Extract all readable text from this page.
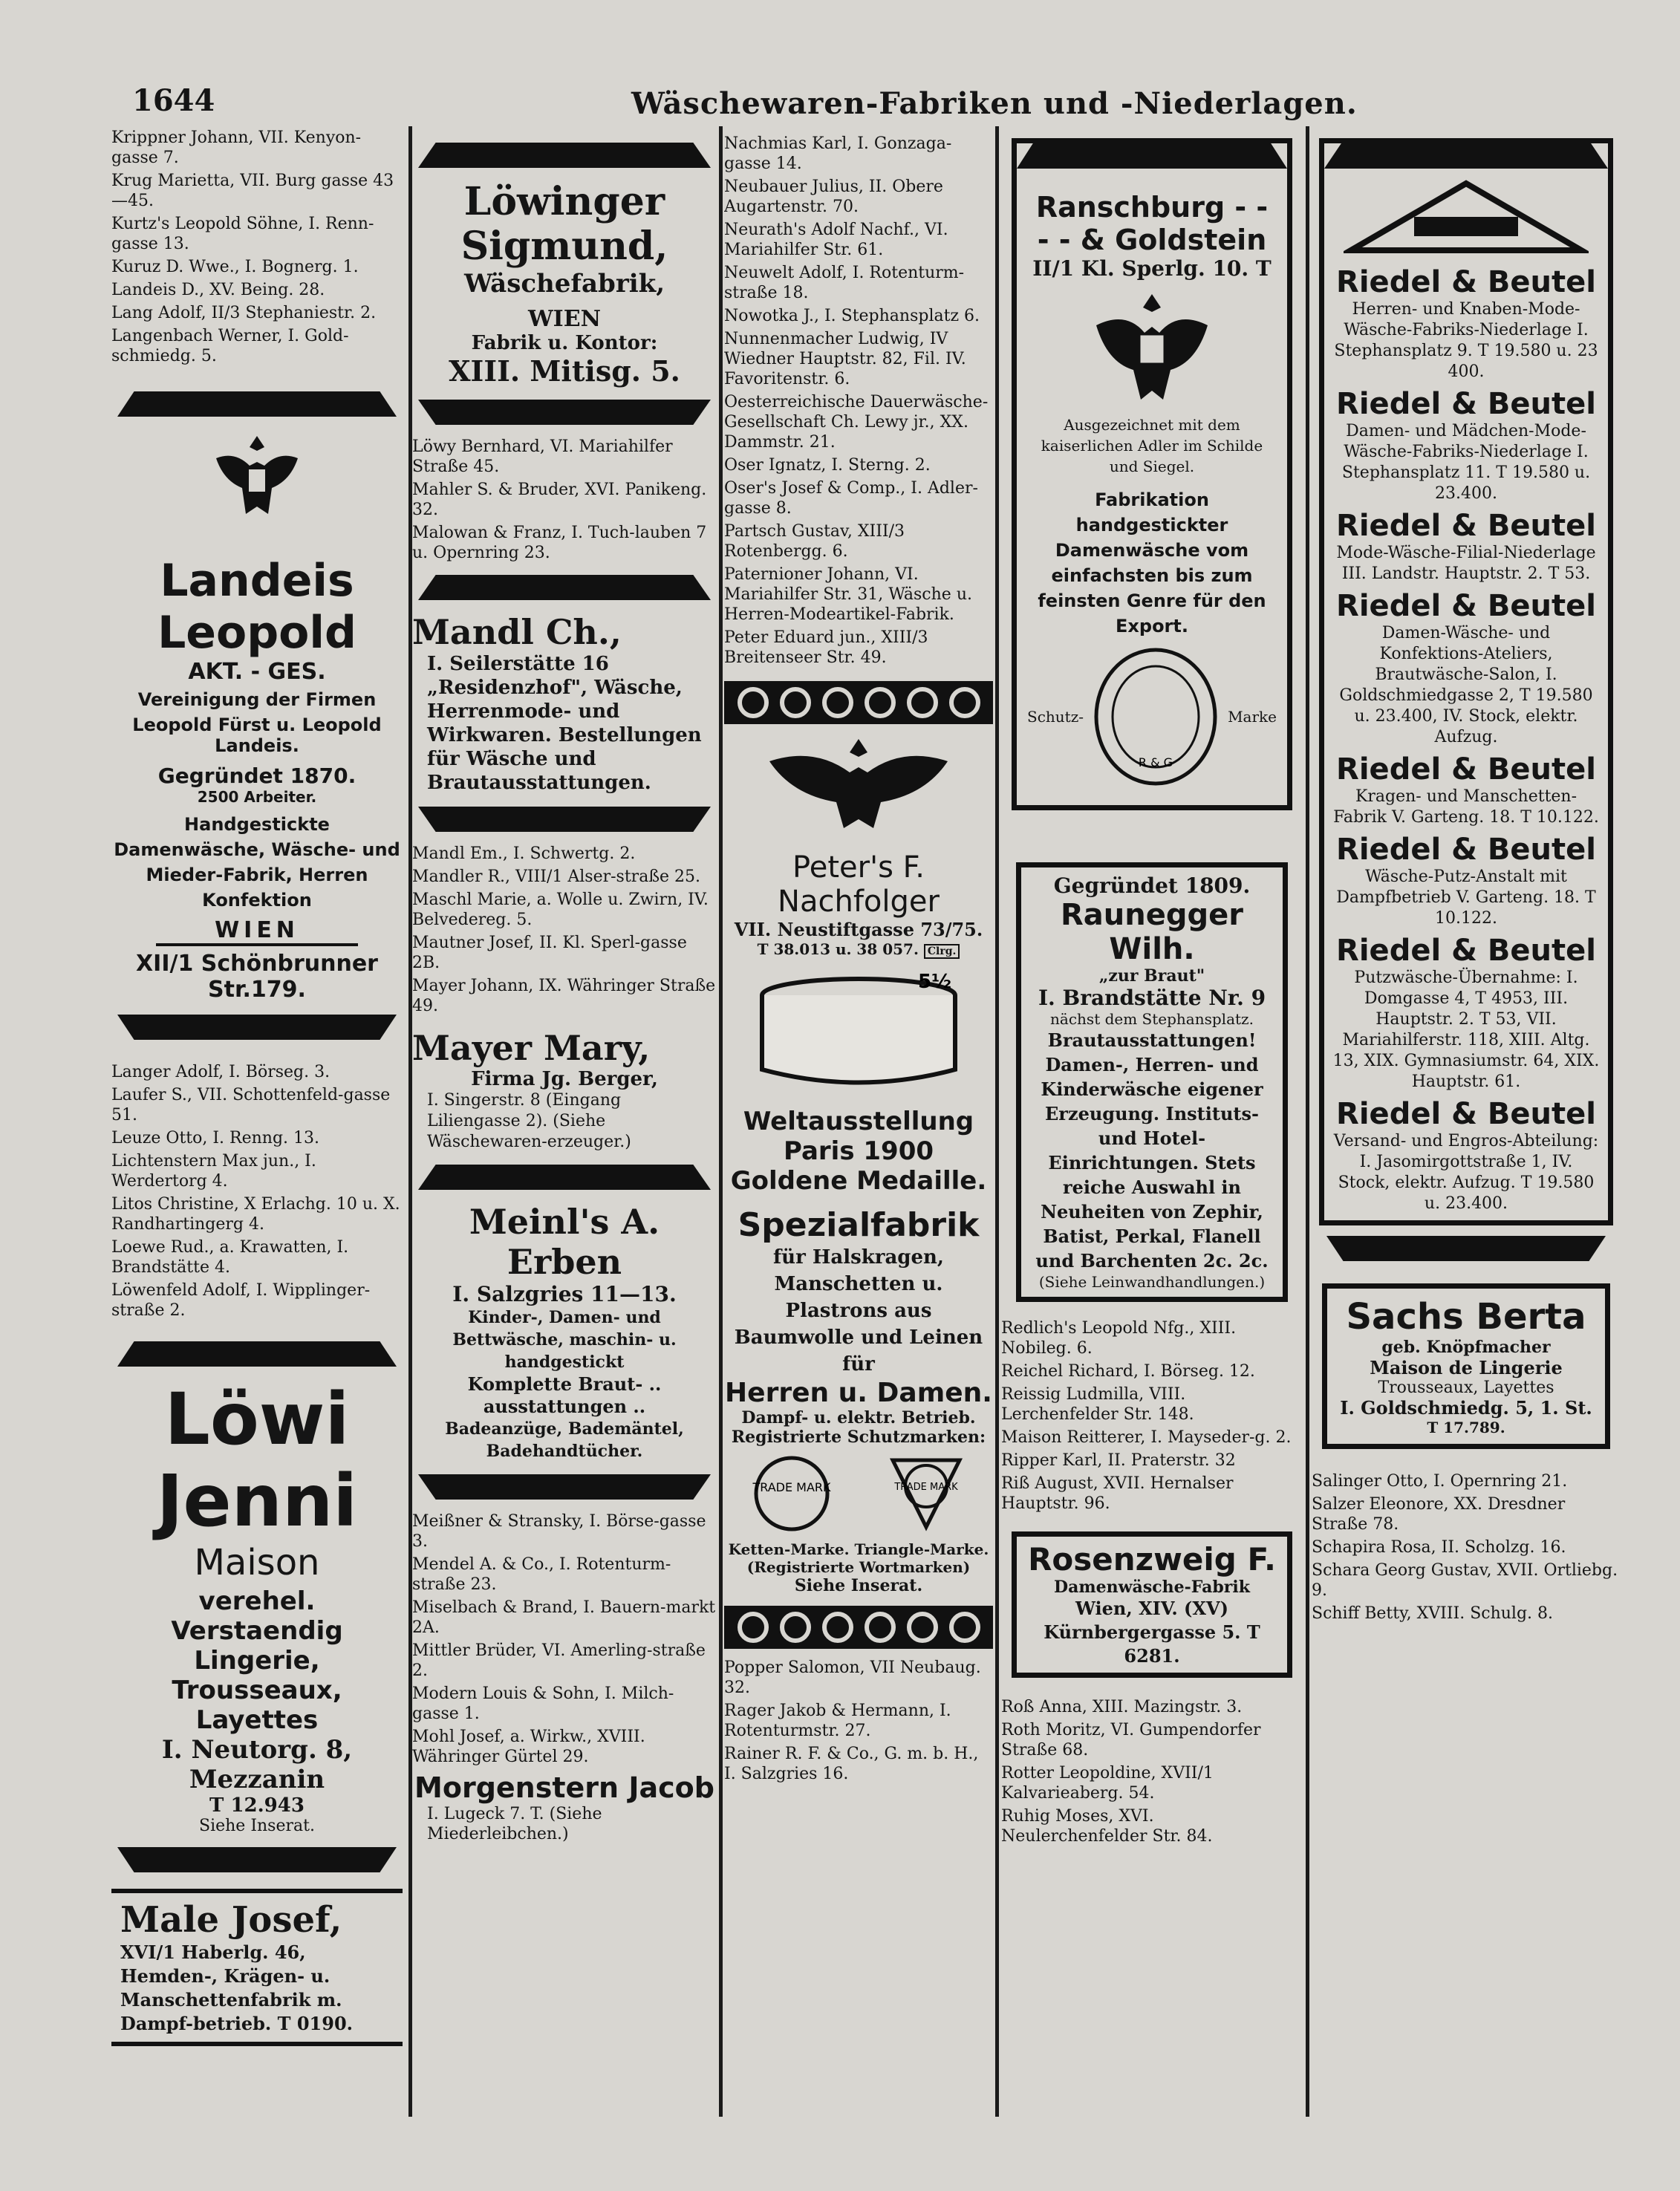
1644	Wäschewaren-Fabriken und -Niederlagen.
Krippner Johann, VII. Kenyon-gasse 7.
Krug Marietta, VII. Burg gasse 43—45.
Kurtz's Leopold Söhne, I. Renn-gasse 13.
Kuruz D. Wwe., I. Bognerg. 1.
Landeis D., XV. Being. 28.
Lang Adolf, II/3 Stephaniestr. 2.
Langenbach Werner, I. Gold-schmiedg. 5.
Landeis Leopold
AKT. - GES.
Vereinigung der Firmen
Leopold Fürst u. Leopold Landeis.
Gegründet 1870.
2500 Arbeiter.
Handgestickte Damenwäsche, Wäsche- und Mieder-Fabrik, Herren Konfektion
WIEN
XII/1 Schönbrunner Str.179.
Langer Adolf, I. Börseg. 3.
Laufer S., VII. Schottenfeld-gasse 51.
Leuze Otto, I. Renng. 13.
Lichtenstern Max jun., I. Werdertorg 4.
Litos Christine, X Erlachg. 10 u. X. Randhartingerg 4.
Loewe Rud., a. Krawatten, I. Brandstätte 4.
Löwenfeld Adolf, I. Wipplinger-straße 2.
Löwi Jenni
Maison
verehel. Verstaendig
Lingerie, Trousseaux,
Layettes
I. Neutorg. 8, Mezzanin
T 12.943
Siehe Inserat.
Male Josef,
XVI/1 Haberlg. 46, Hemden-, Krägen- u. Manschettenfabrik m. Dampf-betrieb. T 0190.
Löwinger
Sigmund,
Wäschefabrik,
WIEN
Fabrik u. Kontor:
XIII. Mitisg. 5.
Löwy Bernhard, VI. Mariahilfer Straße 45.
Mahler S. & Bruder, XVI. Panikeng. 32.
Malowan & Franz, I. Tuch-lauben 7 u. Opernring 23.
Mandl Ch.,
I. Seilerstätte 16 „Residenzhof", Wäsche, Herrenmode- und Wirkwaren. Bestellungen für Wäsche und Brautausstattungen.
Mandl Em., I. Schwertg. 2.
Mandler R., VIII/1 Alser-straße 25.
Maschl Marie, a. Wolle u. Zwirn, IV. Belvedereg. 5.
Mautner Josef, II. Kl. Sperl-gasse 2B.
Mayer Johann, IX. Währinger Straße 49.
Mayer Mary,
Firma Jg. Berger,
I. Singerstr. 8 (Eingang Liliengasse 2). (Siehe Wäschewaren-erzeuger.)
Meinl's A. Erben
I. Salzgries 11—13.
Kinder-, Damen- und Bettwäsche, maschin- u. handgestickt
Komplette Braut- .. ausstattungen ..
Badeanzüge, Bademäntel, Badehandtücher.
Meißner & Stransky, I. Börse-gasse 3.
Mendel A. & Co., I. Rotenturm-straße 23.
Miselbach & Brand, I. Bauern-markt 2A.
Mittler Brüder, VI. Amerling-straße 2.
Modern Louis & Sohn, I. Milch-gasse 1.
Mohl Josef, a. Wirkw., XVIII. Währinger Gürtel 29.
Morgenstern Jacob
I. Lugeck 7. T. (Siehe Miederleibchen.)
Nachmias Karl, I. Gonzaga-gasse 14.
Neubauer Julius, II. Obere Augartenstr. 70.
Neurath's Adolf Nachf., VI. Mariahilfer Str. 61.
Neuwelt Adolf, I. Rotenturm-straße 18.
Nowotka J., I. Stephansplatz 6.
Nunnenmacher Ludwig, IV Wiedner Hauptstr. 82, Fil. IV. Favoritenstr. 6.
Oesterreichische Dauerwäsche-Gesellschaft Ch. Lewy jr., XX. Dammstr. 21.
Oser Ignatz, I. Sterng. 2.
Oser's Josef & Comp., I. Adler-gasse 8.
Partsch Gustav, XIII/3 Rotenbergg. 6.
Paternioner Johann, VI. Mariahilfer Str. 31, Wäsche u. Herren-Modeartikel-Fabrik.
Peter Eduard jun., XIII/3 Breitenseer Str. 49.
Peter's F. Nachfolger
VII. Neustiftgasse 73/75.
T 38.013 u. 38 057. Clrg.
5½
Weltausstellung
Paris 1900
Goldene Medaille.
Spezialfabrik
für Halskragen, Manschetten u. Plastrons aus Baumwolle und Leinen für
Herren u. Damen.
Dampf- u. elektr. Betrieb.
Registrierte Schutzmarken:
TRADE MARK	TRADE MARK
Ketten-Marke. Triangle-Marke.
(Registrierte Wortmarken)
Siehe Inserat.
Popper Salomon, VII Neubaug. 32.
Rager Jakob & Hermann, I. Rotenturmstr. 27.
Rainer R. F. & Co., G. m. b. H., I. Salzgries 16.
Ranschburg - -
- - & Goldstein
II/1 Kl. Sperlg. 10. T
Ausgezeichnet mit dem kaiserlichen Adler im Schilde und Siegel.
Fabrikation handgestickter Damenwäsche vom einfachsten bis zum feinsten Genre für den Export.
Schutz-
R & G
Marke
Gegründet 1809.
Raunegger Wilh.
„zur Braut"
I. Brandstätte Nr. 9
nächst dem Stephansplatz.
Brautausstattungen! Damen-, Herren- und Kinderwäsche eigener Erzeugung. Instituts- und Hotel-Einrichtungen. Stets reiche Auswahl in Neuheiten von Zephir, Batist, Perkal, Flanell und Barchenten 2c. 2c.
(Siehe Leinwandhandlungen.)
Redlich's Leopold Nfg., XIII. Nobileg. 6.
Reichel Richard, I. Börseg. 12.
Reissig Ludmilla, VIII. Lerchenfelder Str. 148.
Maison Reitterer, I. Mayseder-g. 2.
Ripper Karl, II. Praterstr. 32
Riß August, XVII. Hernalser Hauptstr. 96.
Rosenzweig F.
Damenwäsche-Fabrik
Wien, XIV. (XV) Kürnbergergasse 5. T 6281.
Roß Anna, XIII. Mazingstr. 3.
Roth Moritz, VI. Gumpendorfer Straße 68.
Rotter Leopoldine, XVII/1 Kalvarieaberg. 54.
Ruhig Moses, XVI. Neulerchenfelder Str. 84.
Riedel & Beutel
Herren- und Knaben-Mode-Wäsche-Fabriks-Niederlage I. Stephansplatz 9. T 19.580 u. 23 400.
Riedel & Beutel
Damen- und Mädchen-Mode-Wäsche-Fabriks-Niederlage I. Stephansplatz 11. T 19.580 u. 23.400.
Riedel & Beutel
Mode-Wäsche-Filial-Niederlage III. Landstr. Hauptstr. 2. T 53.
Riedel & Beutel
Damen-Wäsche- und Konfektions-Ateliers, Brautwäsche-Salon, I. Goldschmiedgasse 2, T 19.580 u. 23.400, IV. Stock, elektr. Aufzug.
Riedel & Beutel
Kragen- und Manschetten-Fabrik V. Garteng. 18. T 10.122.
Riedel & Beutel
Wäsche-Putz-Anstalt mit Dampfbetrieb V. Garteng. 18. T 10.122.
Riedel & Beutel
Putzwäsche-Übernahme: I. Domgasse 4, T 4953, III. Hauptstr. 2. T 53, VII. Mariahilferstr. 118, XIII. Altg. 13, XIX. Gymnasiumstr. 64, XIX. Hauptstr. 61.
Riedel & Beutel
Versand- und Engros-Abteilung: I. Jasomirgottstraße 1, IV. Stock, elektr. Aufzug. T 19.580 u. 23.400.
Sachs Berta
geb. Knöpfmacher
Maison de Lingerie
Trousseaux, Layettes
I. Goldschmiedg. 5, 1. St.
T 17.789.
Salinger Otto, I. Opernring 21.
Salzer Eleonore, XX. Dresdner Straße 78.
Schapira Rosa, II. Scholzg. 16.
Schara Georg Gustav, XVII. Ortliebg. 9.
Schiff Betty, XVIII. Schulg. 8.
